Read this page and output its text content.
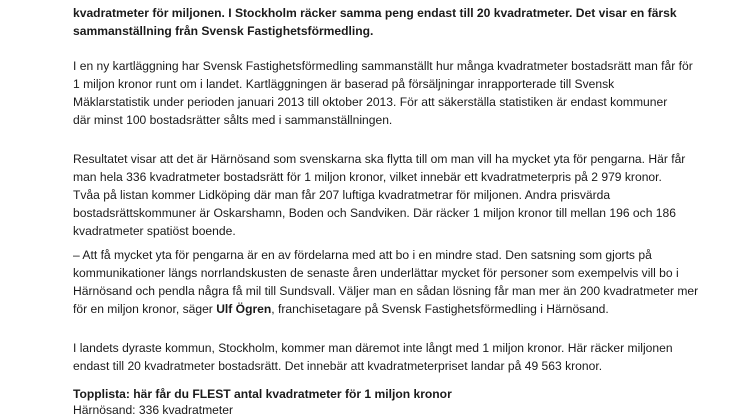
kvadratmeter för miljonen. I Stockholm räcker samma peng endast till 20 kvadratmeter. Det visar en färsk
sammanställning från Svensk Fastighetsförmedling.

I en ny kartläggning har Svensk Fastighetsförmedling sammanställt hur många kvadratmeter bostadsrätt man får för
1 miljon kronor runt om i landet. Kartläggningen är baserad på försäljningar inrapporterade till Svensk
Mäklarstatistik under perioden januari 2013 till oktober 2013. För att säkerställa statistiken är endast kommuner
där minst 100 bostadsrätter sålts med i sammanställningen.

Resultatet visar att det är Härnösand som svenskarna ska flytta till om man vill ha mycket yta för pengarna. Här får
man hela 336 kvadratmeter bostadsrätt för 1 miljon kronor, vilket innebär ett kvadratmeterpris på 2 979 kronor.
Tvåa på listan kommer Lidköping där man får 207 luftiga kvadratmetrar för miljonen. Andra prisvärda
bostadsrättskommuner är Oskarshamn, Boden och Sandviken. Där räcker 1 miljon kronor till mellan 196 och 186
kvadratmeter spatiöst boende.

– Att få mycket yta för pengarna är en av fördelarna med att bo i en mindre stad. Den satsning som gjorts på
kommunikationer längs norrlandskusten de senaste åren underlättar mycket för personer som exempelvis vill bo i
Härnösand och pendla några få mil till Sundsvall. Väljer man en sådan lösning får man mer än 200 kvadratmeter mer
för en miljon kronor, säger Ulf Ögren, franchisetagare på Svensk Fastighetsförmedling i Härnösand.

I landets dyraste kommun, Stockholm, kommer man däremot inte långt med 1 miljon kronor. Här räcker miljonen
endast till 20 kvadratmeter bostadsrätt. Det innebär att kvadratmeterpriset landar på 49 563 kronor.

Topplista: här får du FLEST antal kvadratmeter för 1 miljon kronor

Härnösand: 336 kvadratmeter
